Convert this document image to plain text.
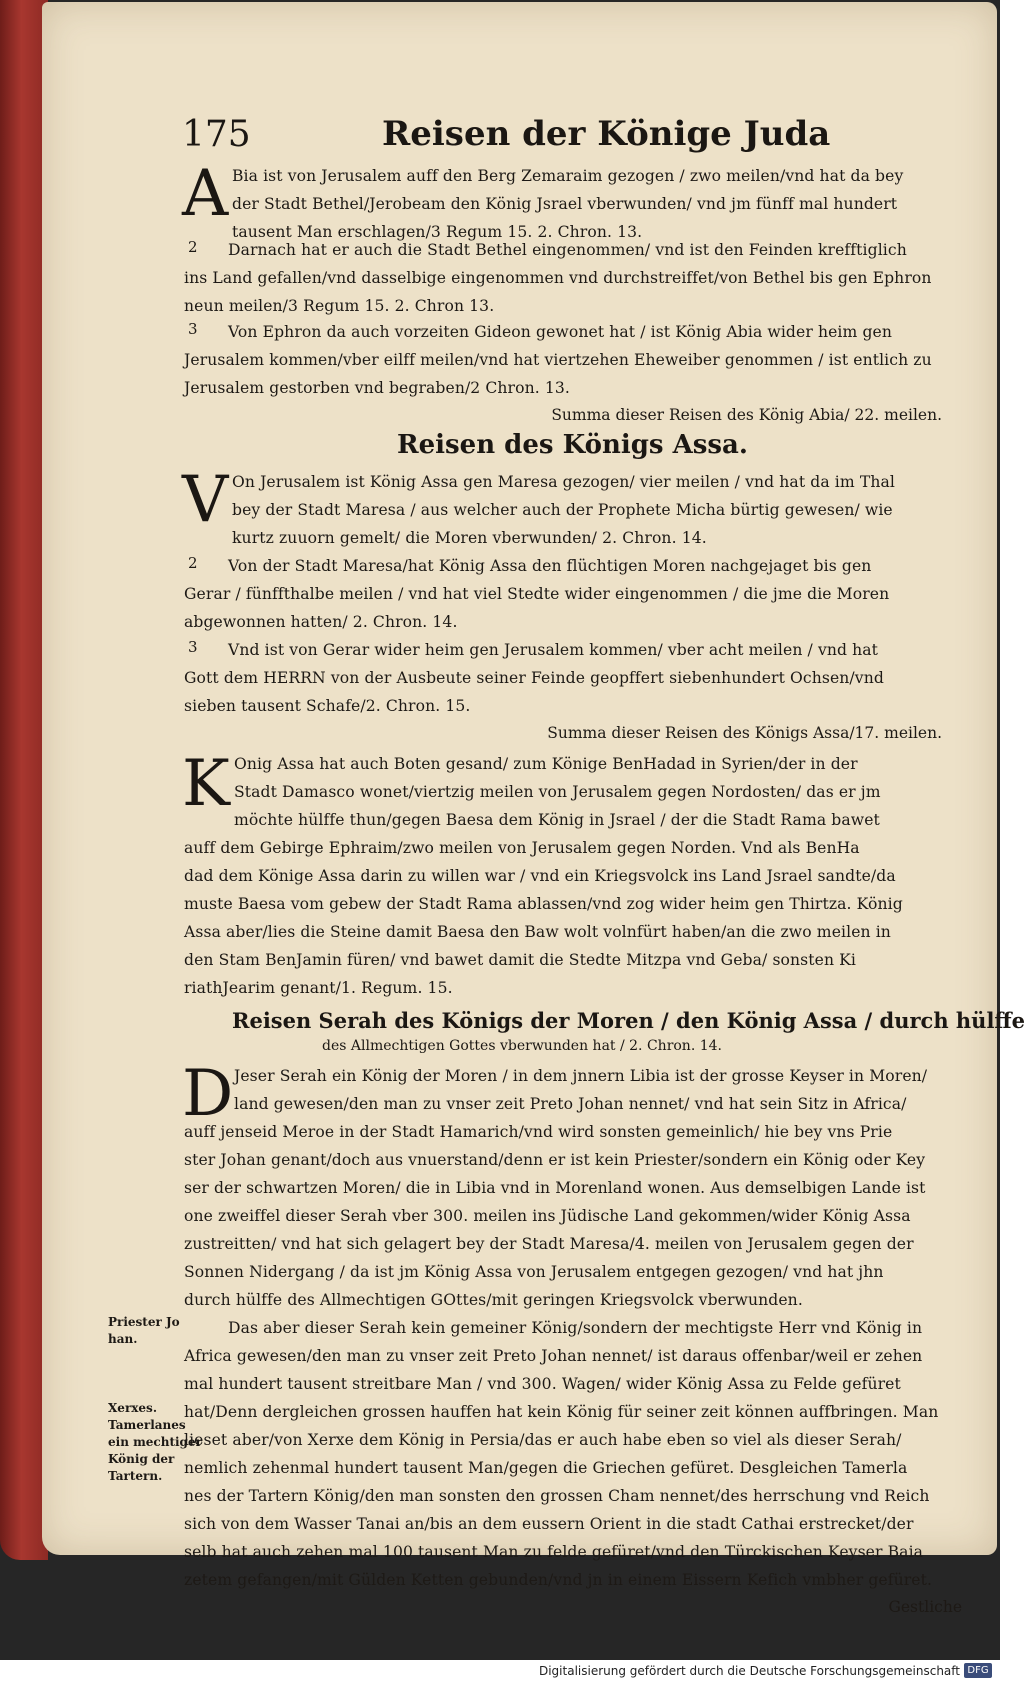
175	Reisen der Könige Juda
A Bia ist von Jerusalem auff den Berg Zemaraim gezogen / zwo meilen/vnd hat da bey
der Stadt Bethel/Jerobeam den König Jsrael vberwunden/ vnd jm fünff mal hundert
tausent Man erschlagen/3 Regum 15. 2. Chron. 13.
2	Darnach hat er auch die Stadt Bethel eingenommen/ vnd ist den Feinden krefftiglich
ins Land gefallen/vnd dasselbige eingenommen vnd durchstreiffet/von Bethel bis gen Ephron
neun meilen/3 Regum 15. 2. Chron 13.
3	Von Ephron da auch vorzeiten Gideon gewonet hat / ist König Abia wider heim gen
Jerusalem kommen/vber eilff meilen/vnd hat viertzehen Eheweiber genommen / ist entlich zu
Jerusalem gestorben vnd begraben/2 Chron. 13.
Summa dieser Reisen des König Abia/ 22. meilen.
Reisen des Königs Assa.
V On Jerusalem ist König Assa gen Maresa gezogen/ vier meilen / vnd hat da im Thal
bey der Stadt Maresa / aus welcher auch der Prophete Micha bürtig gewesen/ wie
kurtz zuuorn gemelt/ die Moren vberwunden/ 2. Chron. 14.
2	Von der Stadt Maresa/hat König Assa den flüchtigen Moren nachgejaget bis gen
Gerar / fünffthalbe meilen / vnd hat viel Stedte wider eingenommen / die jme die Moren
abgewonnen hatten/ 2. Chron. 14.
3	Vnd ist von Gerar wider heim gen Jerusalem kommen/ vber acht meilen / vnd hat
Gott dem HERRN von der Ausbeute seiner Feinde geopffert siebenhundert Ochsen/vnd
sieben tausent Schafe/2. Chron. 15.
Summa dieser Reisen des Königs Assa/17. meilen.
K Onig Assa hat auch Boten gesand/ zum Könige BenHadad in Syrien/der in der
Stadt Damasco wonet/viertzig meilen von Jerusalem gegen Nordosten/ das er jm
möchte hülffe thun/gegen Baesa dem König in Jsrael / der die Stadt Rama bawet
auff dem Gebirge Ephraim/zwo meilen von Jerusalem gegen Norden. Vnd als BenHa
dad dem Könige Assa darin zu willen war / vnd ein Kriegsvolck ins Land Jsrael sandte/da
muste Baesa vom gebew der Stadt Rama ablassen/vnd zog wider heim gen Thirtza. König
Assa aber/lies die Steine damit Baesa den Baw wolt volnfürt haben/an die zwo meilen in
den Stam BenJamin füren/ vnd bawet damit die Stedte Mitzpa vnd Geba/ sonsten Ki
riathJearim genant/1. Regum. 15.
Reisen Serah des Königs der Moren / den König Assa / durch hülffe
des Allmechtigen Gottes vberwunden hat / 2. Chron. 14.
D Jeser Serah ein König der Moren / in dem jnnern Libia ist der grosse Keyser in Moren/
land gewesen/den man zu vnser zeit Preto Johan nennet/ vnd hat sein Sitz in Africa/
auff jenseid Meroe in der Stadt Hamarich/vnd wird sonsten gemeinlich/ hie bey vns Prie
ster Johan genant/doch aus vnuerstand/denn er ist kein Priester/sondern ein König oder Key
ser der schwartzen Moren/ die in Libia vnd in Morenland wonen. Aus demselbigen Lande ist
one zweiffel dieser Serah vber 300. meilen ins Jüdische Land gekommen/wider König Assa
zustreitten/ vnd hat sich gelagert bey der Stadt Maresa/4. meilen von Jerusalem gegen der
Sonnen Nidergang / da ist jm König Assa von Jerusalem entgegen gezogen/ vnd hat jhn
durch hülffe des Allmechtigen GOttes/mit geringen Kriegsvolck vberwunden.
Priester Jo
han.
Xerxes.
Tamerlanes
ein mechtiger
König der
Tartern.
Das aber dieser Serah kein gemeiner König/sondern der mechtigste Herr vnd König in
Africa gewesen/den man zu vnser zeit Preto Johan nennet/ ist daraus offenbar/weil er zehen
mal hundert tausent streitbare Man / vnd 300. Wagen/ wider König Assa zu Felde gefüret
hat/Denn dergleichen grossen hauffen hat kein König für seiner zeit können auffbringen. Man
lieset aber/von Xerxe dem König in Persia/das er auch habe eben so viel als dieser Serah/
nemlich zehenmal hundert tausent Man/gegen die Griechen gefüret. Desgleichen Tamerla
nes der Tartern König/den man sonsten den grossen Cham nennet/des herrschung vnd Reich
sich von dem Wasser Tanai an/bis an dem eussern Orient in die stadt Cathai erstrecket/der
selb hat auch zehen mal 100 tausent Man zu felde gefüret/vnd den Türckischen Keyser Baia
zetem gefangen/mit Gülden Ketten gebunden/vnd jn in einem Eissern Kefich vmbher gefüret.
Gestliche
Digitalisierung gefördert durch die Deutsche Forschungsgemeinschaft DFG
